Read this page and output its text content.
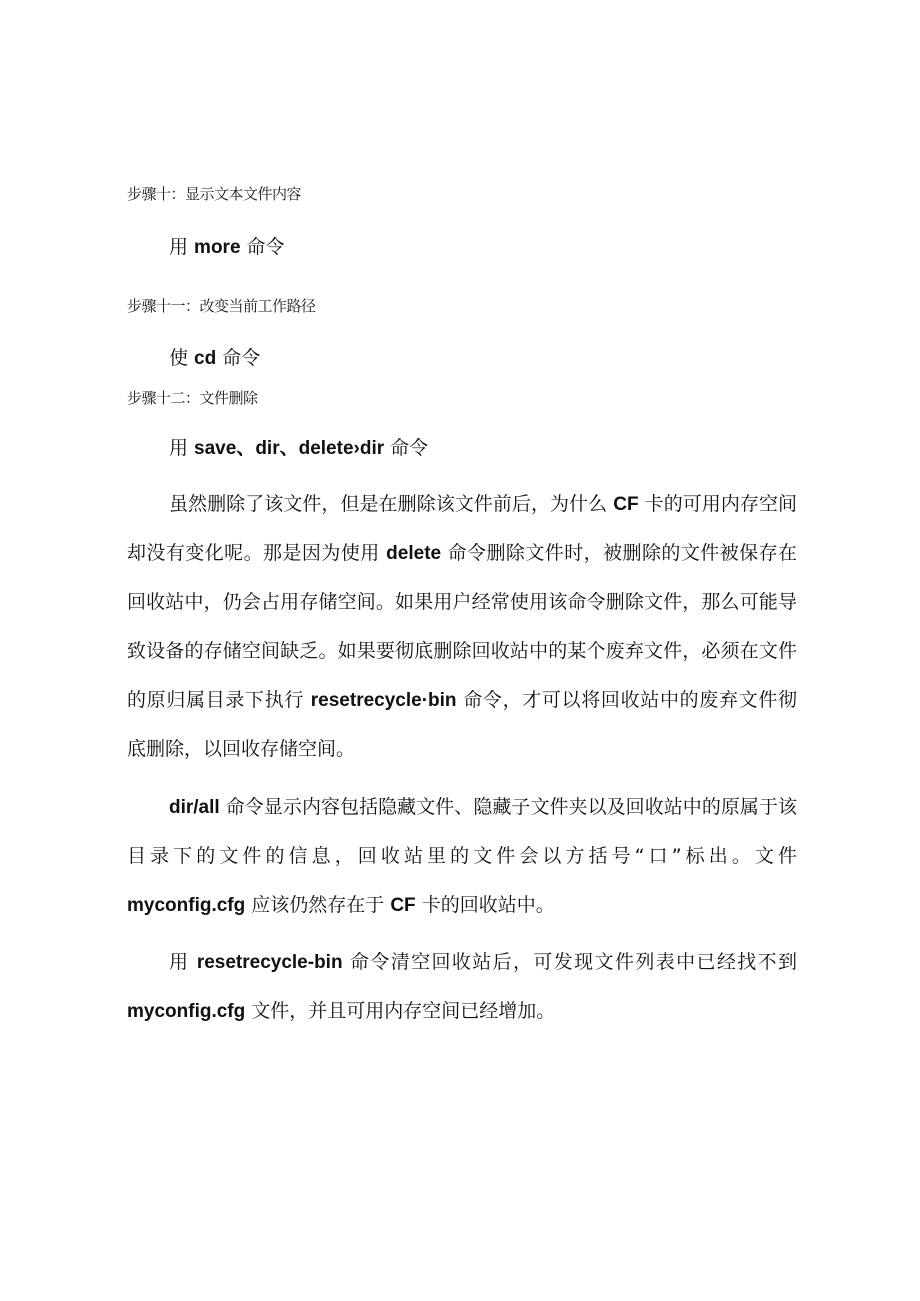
步骤十：显示文本文件内容
用 more 命令
步骤十一：改变当前工作路径
使 cd 命令
步骤十二：文件删除
用 save、dir、delete›dir 命令
虽然删除了该文件，但是在删除该文件前后，为什么 CF 卡的可用内存空间却没有变化呢。那是因为使用 delete 命令删除文件时，被删除的文件被保存在回收站中，仍会占用存储空间。如果用户经常使用该命令删除文件，那么可能导致设备的存储空间缺乏。如果要彻底删除回收站中的某个废弃文件，必须在文件的原归属目录下执行 resetrecycle·bin 命令，才可以将回收站中的废弃文件彻底删除，以回收存储空间。
dir/all 命令显示内容包括隐藏文件、隐藏子文件夹以及回收站中的原属于该目录下的文件的信息，回收站里的文件会以方括号“口”标出。文件 myconfig.cfg 应该仍然存在于 CF 卡的回收站中。
用 resetrecycle-bin 命令清空回收站后，可发现文件列表中已经找不到 myconfig.cfg 文件，并且可用内存空间已经增加。
